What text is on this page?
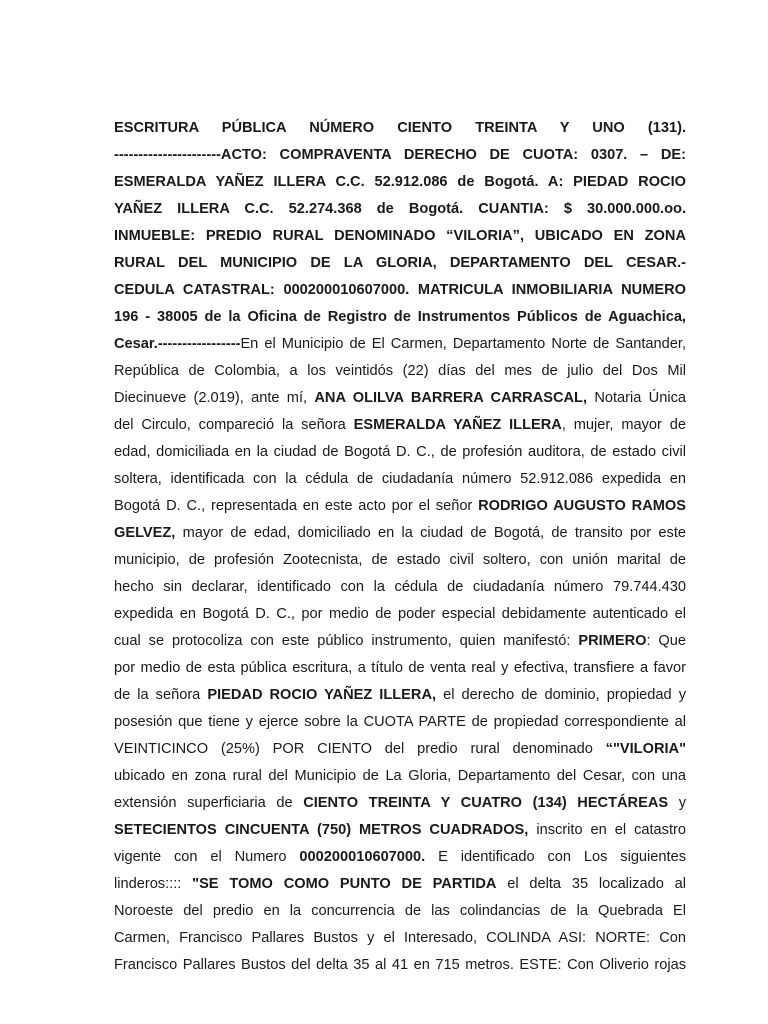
ESCRITURA PÚBLICA NÚMERO CIENTO TREINTA Y UNO (131).
----------------------ACTO: COMPRAVENTA DERECHO DE CUOTA: 0307. – DE:
ESMERALDA YAÑEZ ILLERA C.C. 52.912.086 de Bogotá. A: PIEDAD ROCIO
YAÑEZ ILLERA C.C. 52.274.368 de Bogotá. CUANTIA: $ 30.000.000.oo.
INMUEBLE: PREDIO RURAL DENOMINADO “VILORIA”, UBICADO EN ZONA
RURAL DEL MUNICIPIO DE LA GLORIA, DEPARTAMENTO DEL CESAR.-
CEDULA CATASTRAL: 000200010607000. MATRICULA INMOBILIARIA NUMERO
196 - 38005 de la Oficina de Registro de Instrumentos Públicos de Aguachica,
Cesar.-----------------En el Municipio de El Carmen, Departamento Norte de Santander,
República de Colombia, a los veintidós (22) días del mes de julio del Dos Mil
Diecinueve (2.019), ante mí, ANA OLILVA BARRERA CARRASCAL, Notaria Única
del Circulo, compareció la señora ESMERALDA YAÑEZ ILLERA, mujer, mayor de
edad, domiciliada en la ciudad de Bogotá D. C., de profesión auditora, de estado civil
soltera, identificada con la cédula de ciudadanía número 52.912.086 expedida en
Bogotá D. C., representada en este acto por el señor RODRIGO AUGUSTO RAMOS
GELVEZ, mayor de edad, domiciliado en la ciudad de Bogotá, de transito por este
municipio, de profesión Zootecnista, de estado civil soltero, con unión marital de
hecho sin declarar, identificado con la cédula de ciudadanía número 79.744.430
expedida en Bogotá D. C., por medio de poder especial debidamente autenticado el
cual se protocoliza con este público instrumento, quien manifestó: PRIMERO: Que
por medio de esta pública escritura, a título de venta real y efectiva, transfiere a favor
de la señora PIEDAD ROCIO YAÑEZ ILLERA, el derecho de dominio, propiedad y
posesión que tiene y ejerce sobre la CUOTA PARTE de propiedad correspondiente al
VEINTICINCO (25%) POR CIENTO del predio rural denominado “"VILORIA"
ubicado en zona rural del Municipio de La Gloria, Departamento del Cesar, con una
extensión superficiaria de CIENTO TREINTA Y CUATRO (134) HECTÁREAS y
SETECIENTOS CINCUENTA (750) METROS CUADRADOS, inscrito en el catastro
vigente con el Numero 000200010607000. E identificado con Los siguientes
linderos:::: "SE TOMO COMO PUNTO DE PARTIDA el delta 35 localizado al
Noroeste del predio en la concurrencia de las colindancias de la Quebrada El
Carmen, Francisco Pallares Bustos y el Interesado, COLINDA ASI: NORTE: Con
Francisco Pallares Bustos del delta 35 al 41 en 715 metros. ESTE: Con Oliverio rojas
